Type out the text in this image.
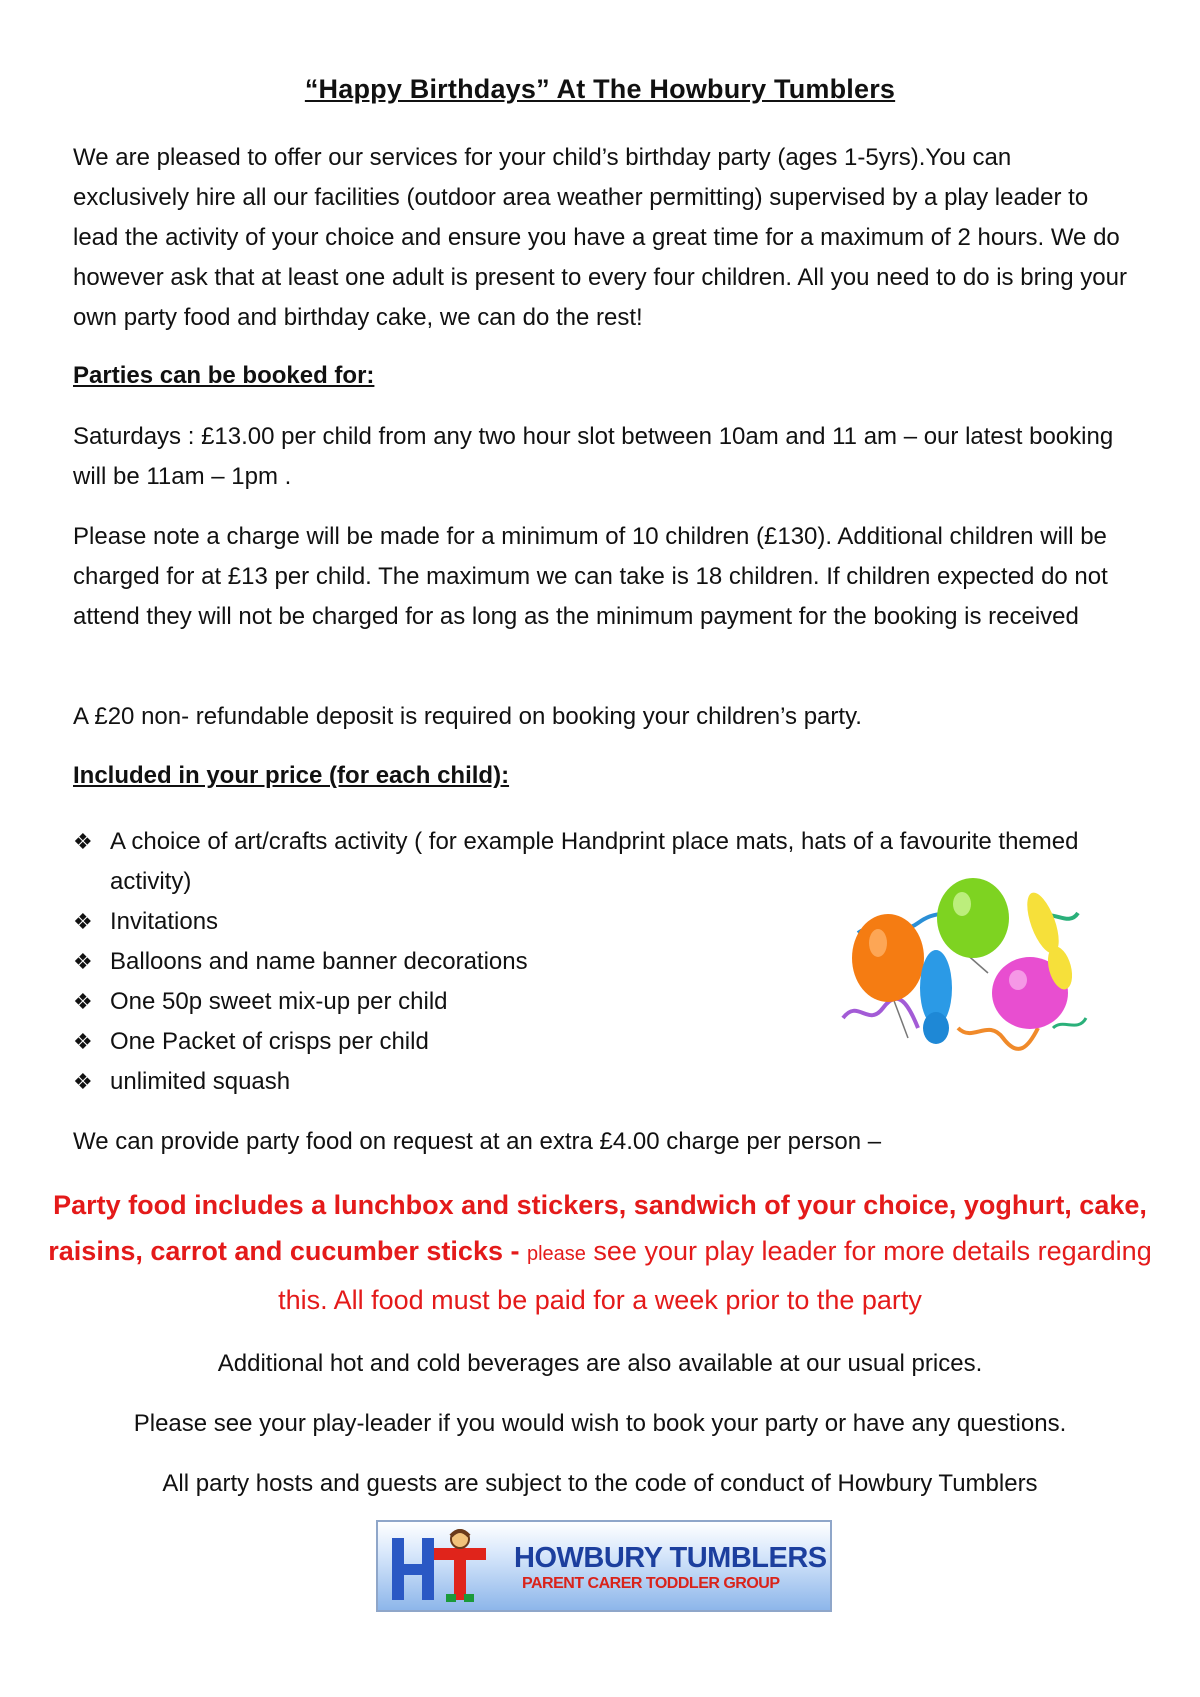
“Happy Birthdays” At The Howbury Tumblers

We are pleased to offer our services for your child’s birthday party (ages 1-5yrs).You can exclusively hire all our facilities (outdoor area weather permitting) supervised by a play leader to lead the activity of your choice and ensure you have a great time for a maximum of 2 hours. We do however ask that at least one adult is present to every four children. All you need to do is bring your own party food and birthday cake, we can do the rest!

Parties can be booked for:

Saturdays : £13.00 per child from any two hour slot between 10am and 11 am – our latest booking will be 11am – 1pm .

Please note a charge will be made for a minimum of 10 children (£130). Additional children will be charged for at £13 per child. The maximum we can take is 18 children. If children expected do not attend they will not be charged for as long as the minimum payment for the booking is received

A £20 non- refundable deposit is required on booking your children’s party.

Included in your price (for each child):

❖ A choice of art/crafts activity ( for example Handprint place mats, hats of a favourite themed activity)
❖ Invitations
❖ Balloons and name banner decorations
❖ One 50p sweet mix-up per child
❖ One Packet of crisps per child
❖ unlimited squash

We can provide party food on request at an extra £4.00 charge per person –

Party food includes a lunchbox and stickers, sandwich of your choice, yoghurt, cake, raisins, carrot and cucumber sticks - please see your play leader for more details regarding this. All food must be paid for a week prior to the party

Additional hot and cold beverages are also available at our usual prices.

Please see your play-leader if you would wish to book your party or have any questions.

All party hosts and guests are subject to the code of conduct of Howbury Tumblers

HOWBURY TUMBLERS
PARENT CARER TODDLER GROUP
